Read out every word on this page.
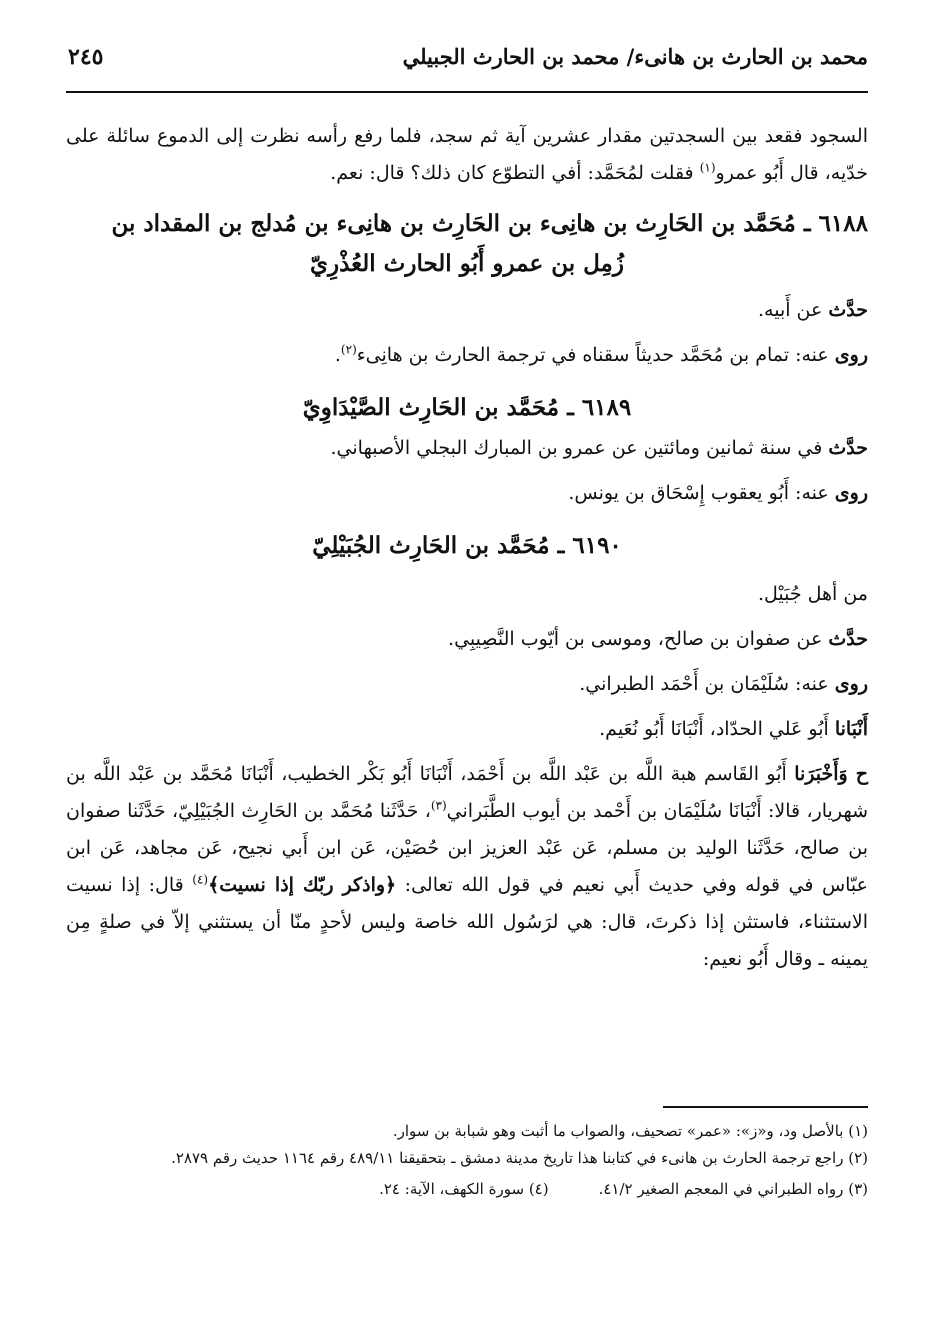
محمد بن الحارث بن هانىء/ محمد بن الحارث الجبيلي
٢٤٥

السجود فقعد بين السجدتين مقدار عشرين آية ثم سجد، فلما رفع رأسه نظرت إلى الدموع سائلة على خدّيه، قال أَبُو عمرو$^{(١)}$ فقلت لمُحَمَّد: أفي التطوّع كان ذلك؟ قال: نعم.

٦١٨٨ ـ مُحَمَّد بن الحَارِث بن هانِىء بن الحَارِث بن هانِىء بن مُدلج بن المقداد بن
زُمِل بن عمرو أَبُو الحارث العُذْرِيّ

حدَّث عن أَبيه.

روى عنه: تمام بن مُحَمَّد حديثاً سقناه في ترجمة الحارث بن هانِىء$^{(٢)}$.

٦١٨٩ ـ مُحَمَّد بن الحَارِث الصَّيْدَاوِيّ

حدَّث في سنة ثمانين ومائتين عن عمرو بن المبارك البجلي الأصبهاني.

روى عنه: أَبُو يعقوب إِسْحَاق بن يونس.

٦١٩٠ ـ مُحَمَّد بن الحَارِث الجُبَيْلِيّ

من أهل جُبَيْل.

حدَّث عن صفوان بن صالح، وموسى بن أيّوب النَّصِيبِي.

روى عنه: سُلَيْمَان بن أَحْمَد الطبراني.

أَنْبَانا أَبُو عَلي الحدّاد، أَنْبَانَا أَبُو نُعَيم.

ح وَأَخْبَرَنا أَبُو القَاسم هبة اللَّه بن عَبْد اللَّه بن أَحْمَد، أَنْبَانَا أَبُو بَكْر الخطيب، أَنْبَانَا مُحَمَّد بن عَبْد اللَّه بن شهريار، قالا: أَنْبَانَا سُلَيْمَان بن أَحْمد بن أيوب الطَّبَراني$^{(٣)}$، حَدَّثَنا مُحَمَّد بن الحَارِث الجُبَيْلِيّ، حَدَّثَنا صفوان بن صالح، حَدَّثَنا الوليد بن مسلم، عَن عَبْد العزيز ابن حُصَيْن، عَن ابن أَبي نجيح، عَن مجاهد، عَن ابن عبّاس في قوله وفي حديث أَبي نعيم في قول الله تعالى: ﴿واذكر ربّك إذا نسيت﴾$^{(٤)}$ قال: إذا نسيت الاستثناء، فاستثن إذا ذكرتَ، قال: هي لرَسُول الله خاصة وليس لأحدٍ منّا أن يستثني إلاّ في صلةٍ مِن يمينه ـ وقال أَبُو نعيم:

(١) بالأصل ود، و«ز»: «عمر» تصحيف، والصواب ما أثبت وهو شبابة بن سوار.

(٢) راجع ترجمة الحارث بن هانىء في كتابنا هذا تاريخ مدينة دمشق ـ بتحقيقنا ٤٨٩/١١ رقم ١١٦٤ حديث رقم ٢٨٧٩.

(٣) رواه الطبراني في المعجم الصغير ٤١/٢.

(٤) سورة الكهف، الآية: ٢٤.
